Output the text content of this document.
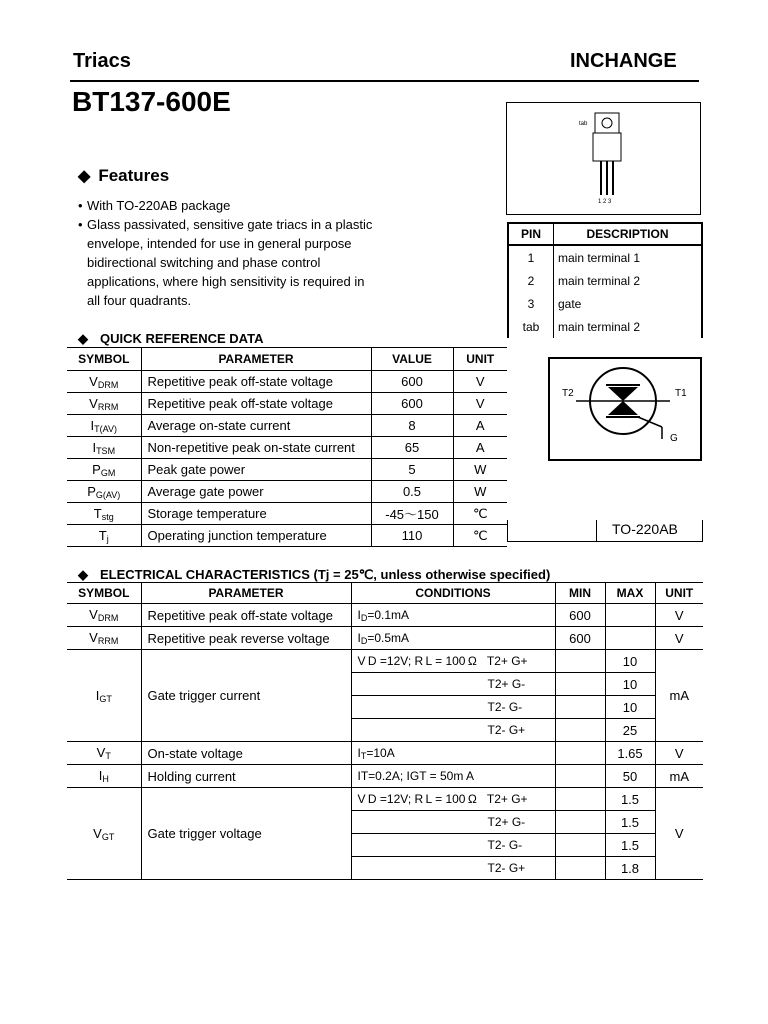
Triacs	INCHANGE
BT137-600E
tab
1 2 3
◆ Features
• With TO-220AB package
• Glass passivated, sensitive gate triacs in a plastic envelope, intended for use in general purpose bidirectional switching and phase control applications, where high sensitivity is required in all four quadrants.
PIN	DESCRIPTION
1	main terminal 1
2	main terminal 2
3	gate
tab	main terminal 2
◆ QUICK REFERENCE DATA
SYMBOL	PARAMETER	VALUE	UNIT
$V_{DRM}$	Repetitive peak off-state voltage	600	V
$V_{RRM}$	Repetitive peak off-state voltage	600	V
$I_{T(AV)}$	Average on-state current	8	A
$I_{TSM}$	Non-repetitive peak on-state current	65	A
$P_{GM}$	Peak gate power	5	W
$P_{G(AV)}$	Average gate power	0.5	W
$T_{stg}$	Storage temperature	-45～150	℃
$T_j$	Operating junction temperature	110	℃
T2	T1
G
TO-220AB
◆ ELECTRICAL CHARACTERISTICS (Tj = 25℃, unless otherwise specified)
SYMBOL	PARAMETER	CONDITIONS	MIN	MAX	UNIT
$V_{DRM}$	Repetitive peak off-state voltage	$I_D=0.1mA$	600		V
$V_{RRM}$	Repetitive peak reverse voltage	$I_D=0.5mA$	600		V
$I_{GT}$	Gate trigger current	V D =12V; R L = 100 Ω   T2+ G+		10	mA
		T2+ G-		10	
		T2- G-		10	
		T2- G+		25	
$V_T$	On-state voltage	$I_T=10A$		1.65	V
$I_H$	Holding current	IT=0.2A; IGT = 50m A		50	mA
$V_{GT}$	Gate trigger voltage	V D =12V; R L = 100 Ω   T2+ G+		1.5	V
		T2+ G-		1.5	
		T2- G-		1.5	
		T2- G+		1.8	
